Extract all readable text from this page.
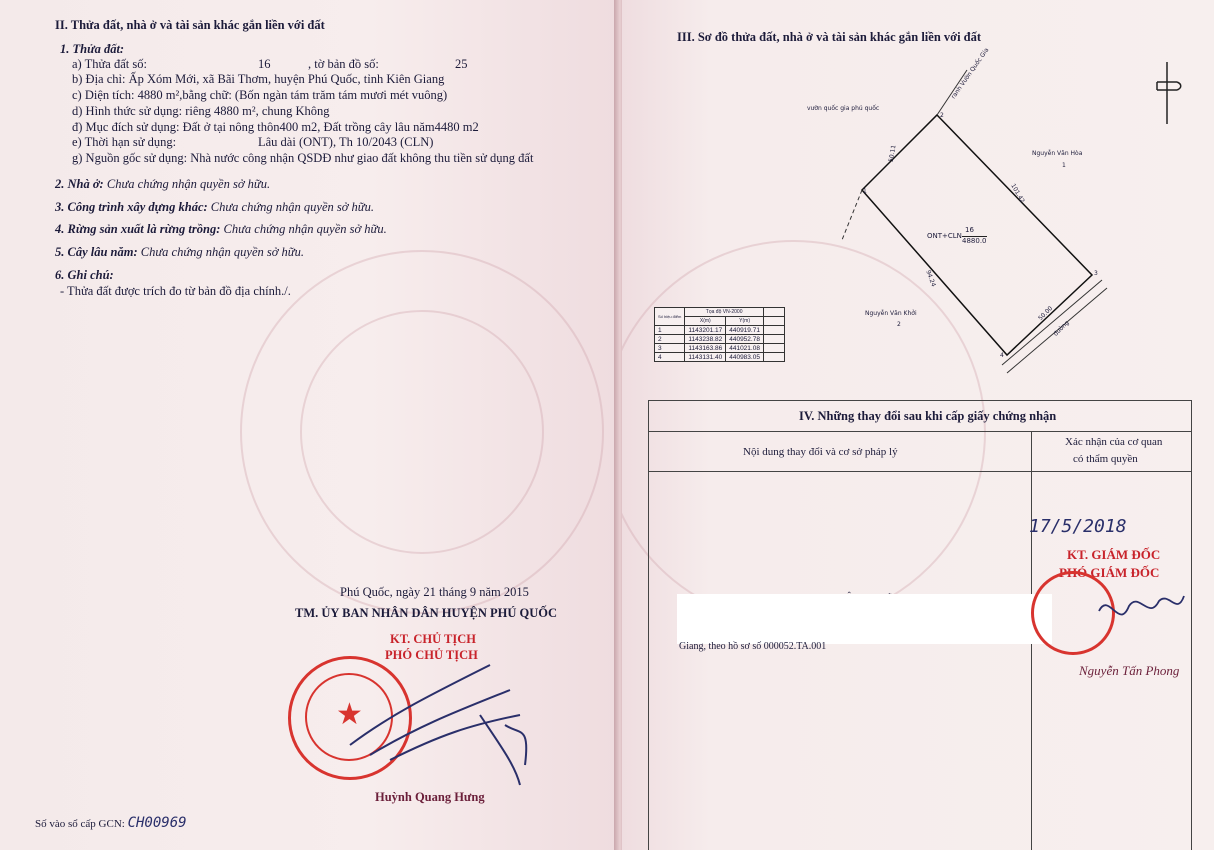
II. Thửa đất, nhà ở và tài sản khác gắn liền với đất
1. Thửa đất:
a) Thửa đất số:	16	, tờ bản đồ số:	25
b) Địa chỉ: Ấp Xóm Mới, xã Bãi Thơm, huyện Phú Quốc, tỉnh Kiên Giang
c) Diện tích: 4880 m²,bằng chữ: (Bốn ngàn tám trăm tám mươi mét vuông)
d) Hình thức sử dụng: riêng 4880 m², chung Không
đ) Mục đích sử dụng: Đất ở tại nông thôn400 m2, Đất trồng cây lâu năm4480 m2
e) Thời hạn sử dụng:	Lâu dài (ONT), Th 10/2043 (CLN)
g) Nguồn gốc sử dụng: Nhà nước công nhận QSDĐ như giao đất không thu tiền sử dụng đất
2. Nhà ở: Chưa chứng nhận quyền sở hữu.
3. Công trình xây dựng khác: Chưa chứng nhận quyền sở hữu.
4. Rừng sản xuất là rừng trồng: Chưa chứng nhận quyền sở hữu.
5. Cây lâu năm: Chưa chứng nhận quyền sở hữu.
6. Ghi chú:
- Thửa đất được trích đo từ bản đồ địa chính./.
Phú Quốc, ngày 21 tháng 9 năm 2015
TM. ỦY BAN NHÂN DÂN HUYỆN PHÚ QUỐC
KT. CHỦ TỊCH
PHÓ CHỦ TỊCH
★
Huỳnh Quang Hưng
Số vào sổ cấp GCN: CH00969
III. Sơ đồ thửa đất, nhà ở và tài sản khác gắn liền với đất
vườn quốc gia phú quốc
ranh Vườn Quốc Gia
Nguyễn Văn Hòa
1
Nguyễn Văn Khởi
2
ONT+CLN
16
4880.0
50.11
101.42
94.24
50.00
đường
1
2
3
4
Số hiệu điểm	Tọa độ VN-2000		
	X(m)	Y(m)	
1	1143201.17	440919.71	
2	1143238.82	440952.78	
3	1143163.86	441021.08	
4	1143131.40	440983.05	
IV. Những thay đổi sau khi cấp giấy chứng nhận
Nội dung thay đổi và cơ sở pháp lý
Xác nhận của cơ quan
có thẩm quyền
Giang, theo hồ sơ số 000052.TA.001
17/5/2018
KT. GIÁM ĐỐC
PHÓ GIÁM ĐỐC
Nguyễn Tấn Phong
